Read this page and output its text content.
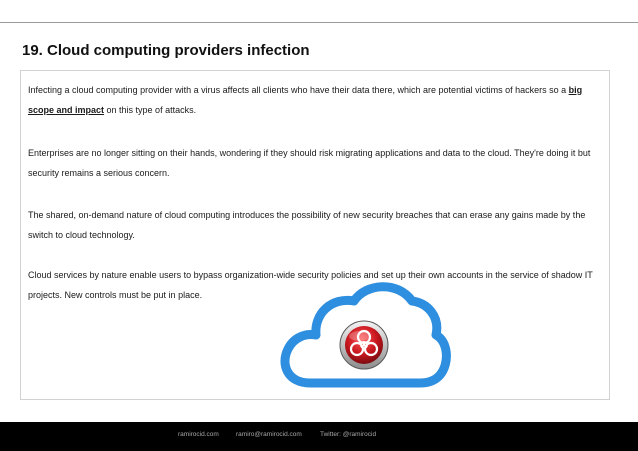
19. Cloud computing providers infection

Infecting a cloud computing provider with a virus affects all clients who have their data there, which are potential victims of hackers so a big scope and impact on this type of attacks.

Enterprises are no longer sitting on their hands, wondering if they should risk migrating applications and data to the cloud. They're doing it but security remains a serious concern.

The shared, on-demand nature of cloud computing introduces the possibility of new security breaches that can erase any gains made by the switch to cloud technology.

Cloud services by nature enable users to bypass organization-wide security policies and set up their own accounts in the service of shadow IT projects. New controls must be put in place.

ramirocid.com	ramiro@ramirocid.com	Twitter: @ramirocid
